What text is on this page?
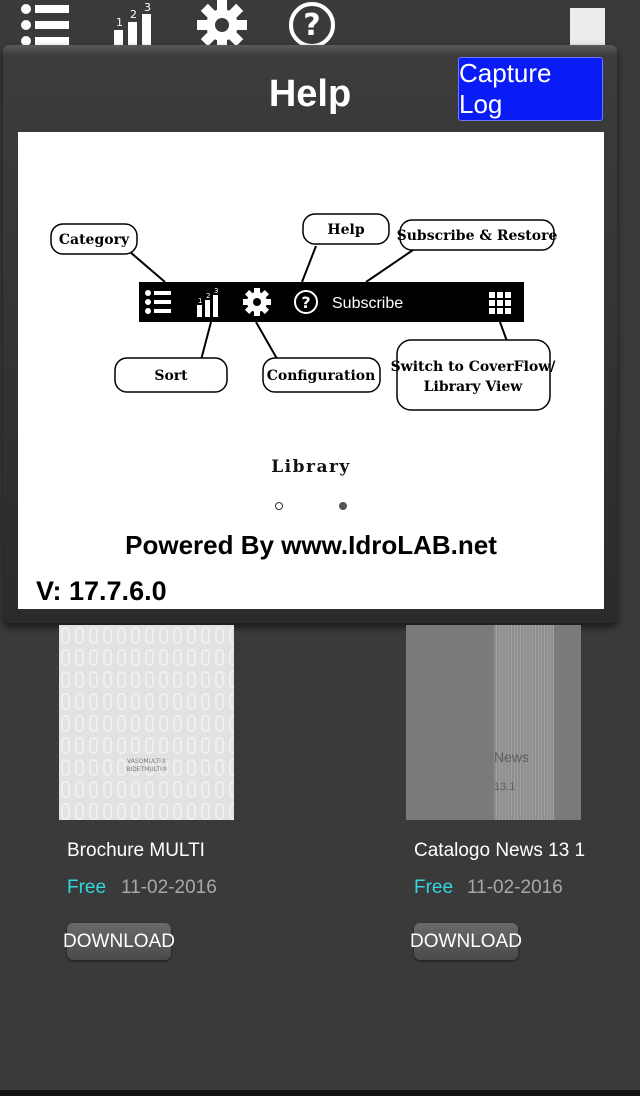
1
2
3
?
Help	Capture Log
1
2
3
? Subscribe
Category
Help Subscribe & Restore
Sort	Configuration
Switch to CoverFlow/
Library View
Library
Powered By www.IdroLAB.net
V: 17.7.6.0
VASOMULTI®
BIDETMULTI®
Brochure MULTI
Free 11-02-2016
DOWNLOAD
News
13.1
Catalogo News 13 1
Free 11-02-2016
DOWNLOAD
